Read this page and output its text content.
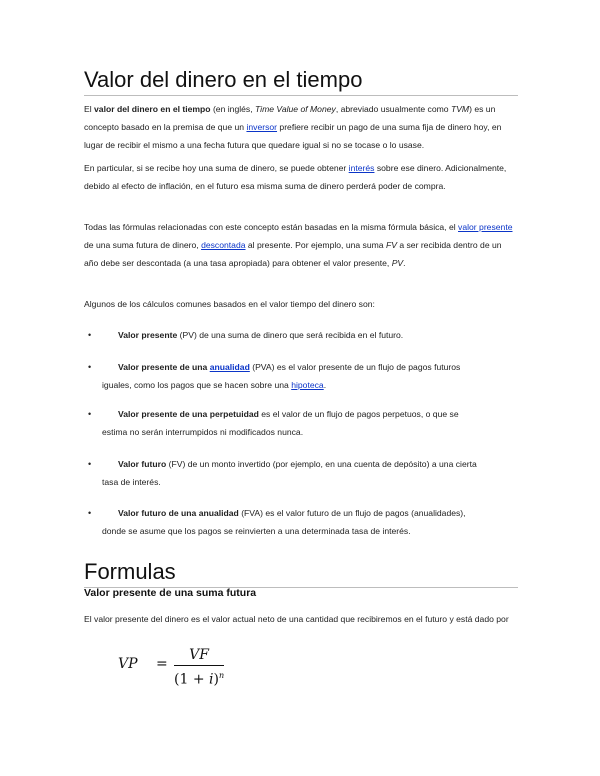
Valor del dinero en el tiempo

El valor del dinero en el tiempo (en inglés, Time Value of Money, abreviado usualmente como TVM) es un concepto basado en la premisa de que un inversor prefiere recibir un pago de una suma fija de dinero hoy, en lugar de recibir el mismo a una fecha futura que quedare igual si no se tocase o lo usase.

En particular, si se recibe hoy una suma de dinero, se puede obtener interés sobre ese dinero. Adicionalmente, debido al efecto de inflación, en el futuro esa misma suma de dinero perderá poder de compra.

Todas las fórmulas relacionadas con este concepto están basadas en la misma fórmula básica, el valor presente de una suma futura de dinero, descontada al presente. Por ejemplo, una suma FV a ser recibida dentro de un año debe ser descontada (a una tasa apropiada) para obtener el valor presente, PV.

Algunos de los cálculos comunes basados en el valor tiempo del dinero son:

•	Valor presente (PV) de una suma de dinero que será recibida en el futuro.
•	Valor presente de una anualidad (PVA) es el valor presente de un flujo de pagos futuros
iguales, como los pagos que se hacen sobre una hipoteca.
•	Valor presente de una perpetuidad es el valor de un flujo de pagos perpetuos, o que se
estima no serán interrumpidos ni modificados nunca.
•	Valor futuro (FV) de un monto invertido (por ejemplo, en una cuenta de depósito) a una cierta
tasa de interés.
•	Valor futuro de una anualidad (FVA) es el valor futuro de un flujo de pagos (anualidades),
donde se asume que los pagos se reinvierten a una determinada tasa de interés.
Formulas
Valor presente de una suma futura

El valor presente del dinero es el valor actual neto de una cantidad que recibiremos en el futuro y está dado por

VP =
VF
$(1 + i)^n$
